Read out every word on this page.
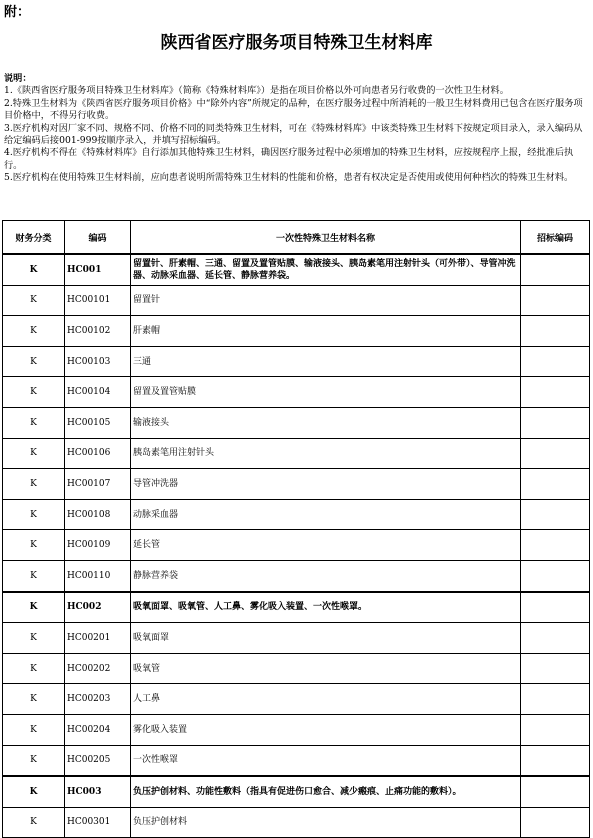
附：
陕西省医疗服务项目特殊卫生材料库

说明：

1.《陕西省医疗服务项目特殊卫生材料库》（简称《特殊材料库》）是指在项目价格以外可向患者另行收费的一次性卫生材料。

2.特殊卫生材料为《陕西省医疗服务项目价格》中“除外内容”所规定的品种，在医疗服务过程中所消耗的一般卫生材料费用已包含在医疗服务项目价格中，不得另行收费。

3.医疗机构对因厂家不同、规格不同、价格不同的同类特殊卫生材料，可在《特殊材料库》中该类特殊卫生材料下按规定项目录入，录入编码从给定编码后接001-999按顺序录入，并填写招标编码。

4.医疗机构不得在《特殊材料库》自行添加其他特殊卫生材料，确因医疗服务过程中必须增加的特殊卫生材料，应按规程序上报，经批准后执行。

5.医疗机构在使用特殊卫生材料前，应向患者说明所需特殊卫生材料的性能和价格，患者有权决定是否使用或使用何种档次的特殊卫生材料。

财务分类	编码	一次性特殊卫生材料名称	招标编码
K	HC001	留置针、肝素帽、三通、留置及置管贴膜、输液接头、胰岛素笔用注射针头（可外带）、导管冲洗器、动脉采血器、延长管、静脉营养袋。	
K	HC00101	留置针	
K	HC00102	肝素帽	
K	HC00103	三通	
K	HC00104	留置及置管贴膜	
K	HC00105	输液接头	
K	HC00106	胰岛素笔用注射针头	
K	HC00107	导管冲洗器	
K	HC00108	动脉采血器	
K	HC00109	延长管	
K	HC00110	静脉营养袋	
K	HC002	吸氧面罩、吸氧管、人工鼻、雾化吸入装置、一次性喉罩。	
K	HC00201	吸氧面罩	
K	HC00202	吸氧管	
K	HC00203	人工鼻	
K	HC00204	雾化吸入装置	
K	HC00205	一次性喉罩	
K	HC003	负压护创材料、功能性敷料（指具有促进伤口愈合、减少瘢痕、止痛功能的敷料）。	
K	HC00301	负压护创材料	
